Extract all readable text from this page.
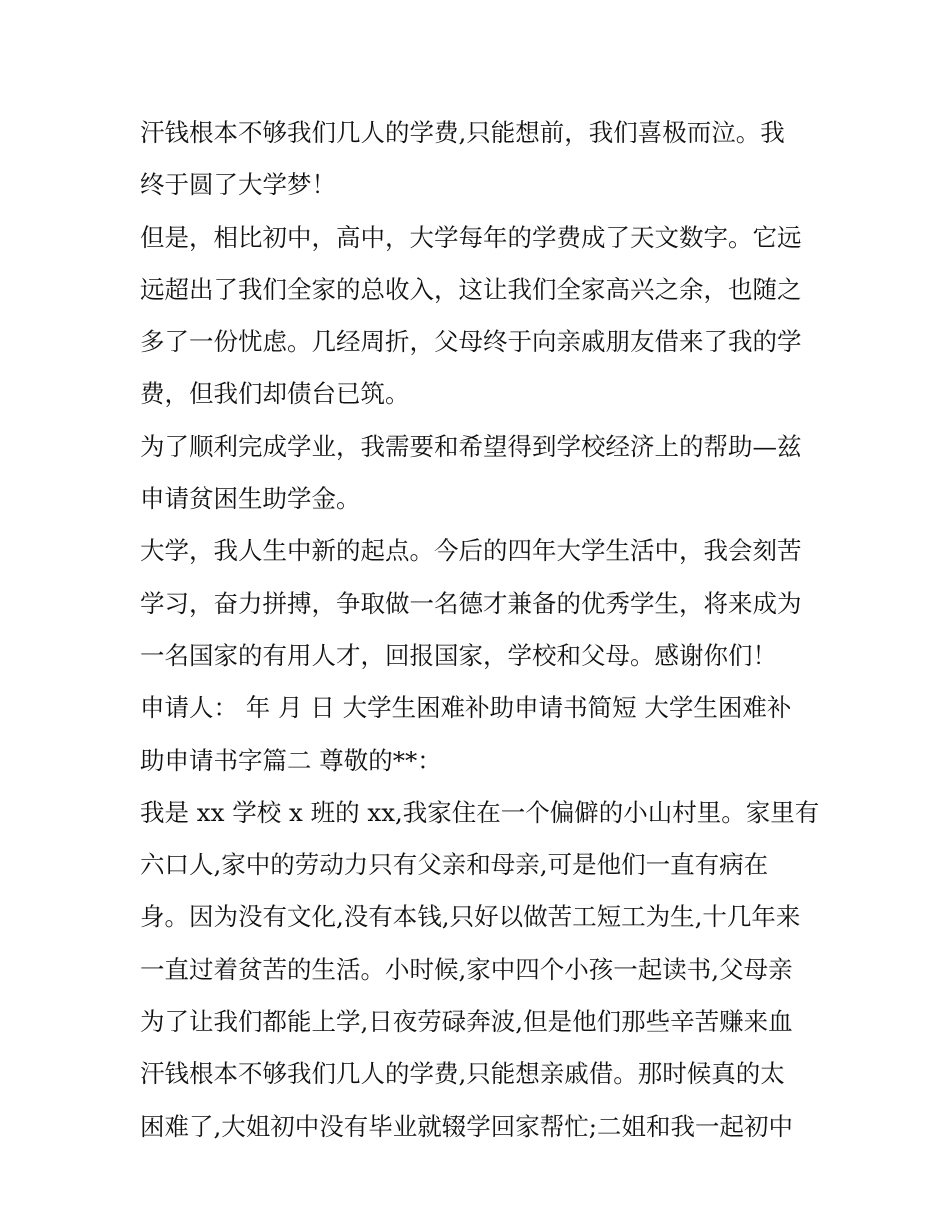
汗钱根本不够我们几人的学费,只能想前，我们喜极而泣。我
终于圆了大学梦！
但是，相比初中，高中，大学每年的学费成了天文数字。它远
远超出了我们全家的总收入，这让我们全家高兴之余，也随之
多了一份忧虑。几经周折，父母终于向亲戚朋友借来了我的学
费，但我们却债台已筑。
为了顺利完成学业，我需要和希望得到学校经济上的帮助—兹
申请贫困生助学金。
大学，我人生中新的起点。今后的四年大学生活中，我会刻苦
学习，奋力拼搏，争取做一名德才兼备的优秀学生，将来成为
一名国家的有用人才，回报国家，学校和父母。感谢你们！
申请人： 年 月 日 大学生困难补助申请书简短 大学生困难补
助申请书字篇二 尊敬的**：
我是 xx 学校 x 班的 xx,我家住在一个偏僻的小山村里。家里有
六口人,家中的劳动力只有父亲和母亲,可是他们一直有病在
身。因为没有文化,没有本钱,只好以做苦工短工为生,十几年来
一直过着贫苦的生活。小时候,家中四个小孩一起读书,父母亲
为了让我们都能上学,日夜劳碌奔波,但是他们那些辛苦赚来血
汗钱根本不够我们几人的学费,只能想亲戚借。那时候真的太
困难了,大姐初中没有毕业就辍学回家帮忙;二姐和我一起初中
